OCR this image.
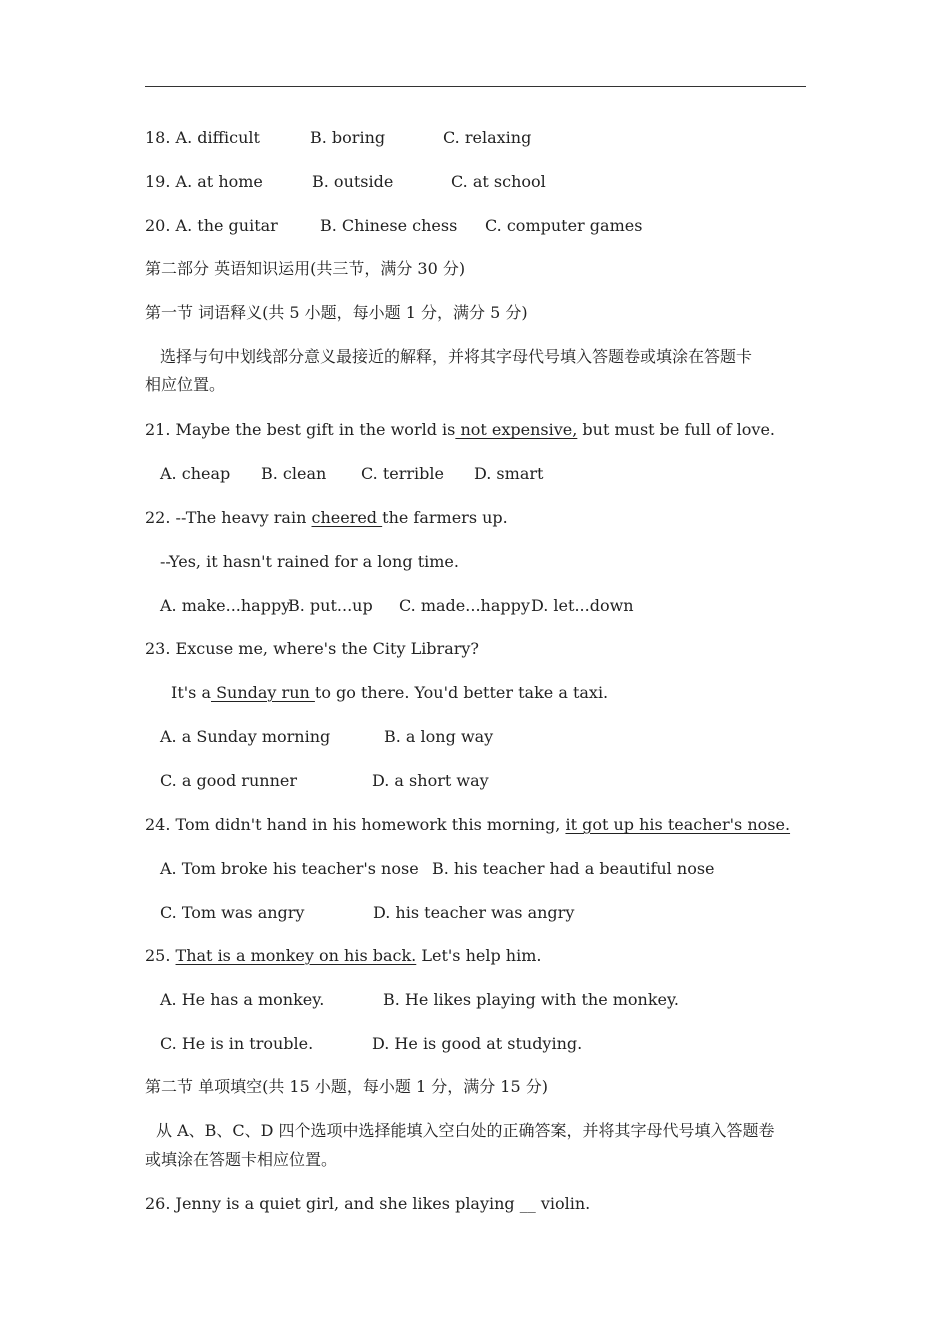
18. A. difficult	B. boring	C. relaxing
19. A. at home	B. outside	C. at school
20. A. the guitar	B. Chinese chess C. computer games
第二部分 英语知识运用(共三节，满分 30 分)
第一节 词语释义(共 5 小题，每小题 1 分，满分 5 分)
选择与句中划线部分意义最接近的解释，并将其字母代号填入答题卷或填涂在答题卡
相应位置。
21. Maybe the best gift in the world is not expensive, but must be full of love.
A. cheap B. clean C. terrible D. smart
22. --The heavy rain cheered the farmers up.
--Yes, it hasn't rained for a long time.
A. make...happy
B. put...up C. made...happy D. let...down
23. Excuse me, where's the City Library?
It's a Sunday run to go there. You'd better take a taxi.
A. a Sunday morning	B. a long way
C. a good runner	D. a short way
24. Tom didn't hand in his homework this morning, it got up his teacher's nose.
A. Tom broke his teacher's nose B. his teacher had a beautiful nose
C. Tom was angry	D. his teacher was angry
25. That is a monkey on his back. Let's help him.
A. He has a monkey.	B. He likes playing with the monkey.
C. He is in trouble.	D. He is good at studying.
第二节 单项填空(共 15 小题，每小题 1 分，满分 15 分)
从 A、B、C、D 四个选项中选择能填入空白处的正确答案，并将其字母代号填入答题卷
或填涂在答题卡相应位置。
26. Jenny is a quiet girl, and she likes playing __ violin.
